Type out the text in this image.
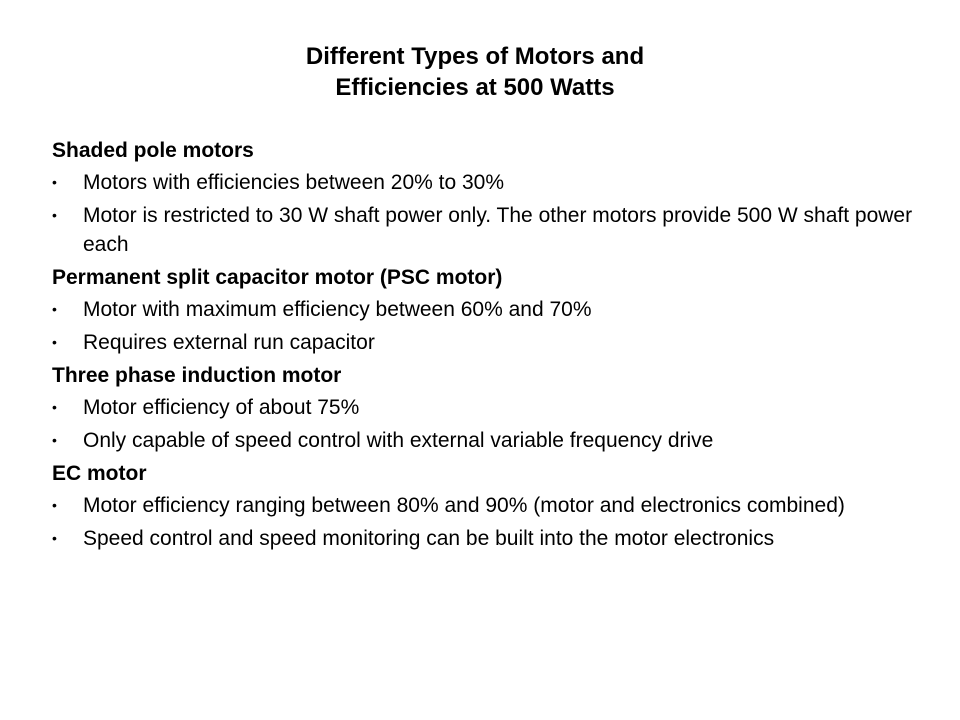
Different Types of Motors and
Efficiencies at 500 Watts
Shaded pole motors
• Motors with efficiencies between 20% to 30%
• Motor is restricted to 30 W shaft power only. The other motors provide 500 W shaft power each
Permanent split capacitor motor (PSC motor)
• Motor with maximum efficiency between 60% and 70%
• Requires external run capacitor
Three phase induction motor
• Motor efficiency of about 75%
• Only capable of speed control with external variable frequency drive
EC motor
• Motor efficiency ranging between 80% and 90% (motor and electronics combined)
• Speed control and speed monitoring can be built into the motor electronics
